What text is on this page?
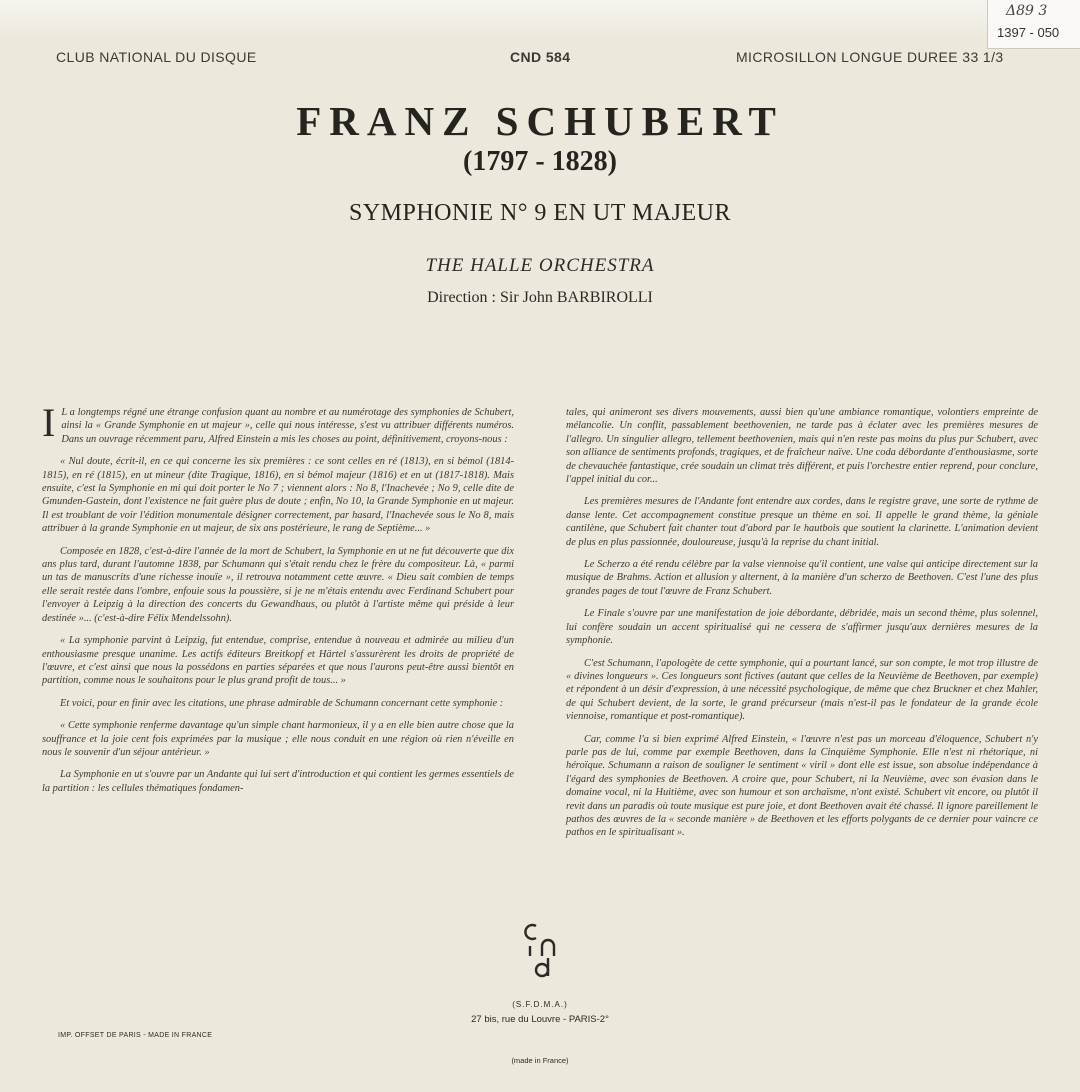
Δ89 3
1397 - 050
CLUB NATIONAL DU DISQUE	CND 584	MICROSILLON LONGUE DUREE 33 1/3
FRANZ SCHUBERT
(1797 - 1828)
SYMPHONIE N° 9 EN UT MAJEUR
THE HALLE ORCHESTRA
Direction : Sir John BARBIROLLI

I L a longtemps régné une étrange confusion quant au nombre et au numérotage des symphonies de Schubert, ainsi la « Grande Symphonie en ut majeur », celle qui nous intéresse, s'est vu attribuer différents numéros. Dans un ouvrage récemment paru, Alfred Einstein a mis les choses au point, définitivement, croyons-nous :

« Nul doute, écrit-il, en ce qui concerne les six premières : ce sont celles en ré (1813), en si bémol (1814-1815), en ré (1815), en ut mineur (dite Tragique, 1816), en si bémol majeur (1816) et en ut (1817-1818). Mais ensuite, c'est la Symphonie en mi qui doit porter le No 7 ; viennent alors : No 8, l'Inachevée ; No 9, celle dite de Gmunden-Gastein, dont l'existence ne fait guère plus de doute ; enfin, No 10, la Grande Symphonie en ut majeur. Il est troublant de voir l'édition monumentale désigner correctement, par hasard, l'Inachevée sous le No 8, mais attribuer à la grande Symphonie en ut majeur, de six ans postérieure, le rang de Septième... »

Composée en 1828, c'est-à-dire l'année de la mort de Schubert, la Symphonie en ut ne fut découverte que dix ans plus tard, durant l'automne 1838, par Schumann qui s'était rendu chez le frère du compositeur. Là, « parmi un tas de manuscrits d'une richesse inouïe », il retrouva notamment cette œuvre. « Dieu sait combien de temps elle serait restée dans l'ombre, enfouie sous la poussière, si je ne m'étais entendu avec Ferdinand Schubert pour l'envoyer à Leipzig à la direction des concerts du Gewandhaus, ou plutôt à l'artiste même qui préside à leur destinée »... (c'est-à-dire Félix Mendelssohn).

« La symphonie parvint à Leipzig, fut entendue, comprise, entendue à nouveau et admirée au milieu d'un enthousiasme presque unanime. Les actifs éditeurs Breitkopf et Härtel s'assurèrent les droits de propriété de l'œuvre, et c'est ainsi que nous la possédons en parties séparées et que nous l'aurons peut-être aussi bientôt en partition, comme nous le souhaitons pour le plus grand profit de tous... »

Et voici, pour en finir avec les citations, une phrase admirable de Schumann concernant cette symphonie :

« Cette symphonie renferme davantage qu'un simple chant harmonieux, il y a en elle bien autre chose que la souffrance et la joie cent fois exprimées par la musique ; elle nous conduit en une région où rien n'éveille en nous le souvenir d'un séjour antérieur. »

La Symphonie en ut s'ouvre par un Andante qui lui sert d'introduction et qui contient les germes essentiels de la partition : les cellules thématiques fondamen-

tales, qui animeront ses divers mouvements, aussi bien qu'une ambiance romantique, volontiers empreinte de mélancolie. Un conflit, passablement beethovenien, ne tarde pas à éclater avec les premières mesures de l'allegro. Un singulier allegro, tellement beethovenien, mais qui n'en reste pas moins du plus pur Schubert, avec son alliance de sentiments profonds, tragiques, et de fraîcheur naïve. Une coda débordante d'enthousiasme, sorte de chevauchée fantastique, crée soudain un climat très différent, et puis l'orchestre entier reprend, pour conclure, l'appel initial du cor...

Les premières mesures de l'Andante font entendre aux cordes, dans le registre grave, une sorte de rythme de danse lente. Cet accompagnement constitue presque un thème en soi. Il appelle le grand thème, la géniale cantilène, que Schubert fait chanter tout d'abord par le hautbois que soutient la clarinette. L'animation devient de plus en plus passionnée, douloureuse, jusqu'à la reprise du chant initial.

Le Scherzo a été rendu célèbre par la valse viennoise qu'il contient, une valse qui anticipe directement sur la musique de Brahms. Action et allusion y alternent, à la manière d'un scherzo de Beethoven. C'est l'une des plus grandes pages de tout l'œuvre de Franz Schubert.

Le Finale s'ouvre par une manifestation de joie débordante, débridée, mais un second thème, plus solennel, lui confère soudain un accent spiritualisé qui ne cessera de s'affirmer jusqu'aux dernières mesures de la symphonie.

C'est Schumann, l'apologète de cette symphonie, qui a pourtant lancé, sur son compte, le mot trop illustre de « divines longueurs ». Ces longueurs sont fictives (autant que celles de la Neuvième de Beethoven, par exemple) et répondent à un désir d'expression, à une nécessité psychologique, de même que chez Bruckner et chez Mahler, de qui Schubert devient, de la sorte, le grand précurseur (mais n'est-il pas le fondateur de la grande école viennoise, romantique et post-romantique).

Car, comme l'a si bien exprimé Alfred Einstein, « l'œuvre n'est pas un morceau d'éloquence, Schubert n'y parle pas de lui, comme par exemple Beethoven, dans la Cinquième Symphonie. Elle n'est ni rhétorique, ni héroïque. Schumann a raison de souligner le sentiment « viril » dont elle est issue, son absolue indépendance à l'égard des symphonies de Beethoven. A croire que, pour Schubert, ni la Neuvième, avec son évasion dans le domaine vocal, ni la Huitième, avec son humour et son archaïsme, n'ont existé. Schubert vit encore, ou plutôt il revit dans un paradis où toute musique est pure joie, et dont Beethoven avait été chassé. Il ignore pareillement le pathos des œuvres de la « seconde manière » de Beethoven et les efforts polygants de ce dernier pour vaincre ce pathos en le spiritualisant ».

(S.F.D.M.A.)
27 bis, rue du Louvre - PARIS-2°
IMP. OFFSET DE PARIS - MADE IN FRANCE
(made in France)
